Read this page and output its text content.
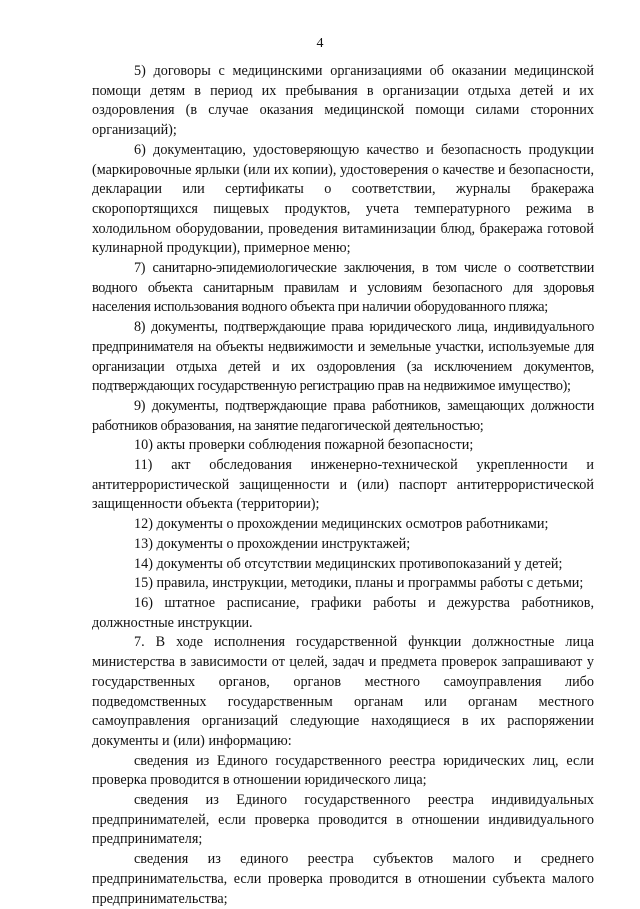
4

5) договоры с медицинскими организациями об оказании медицинской помощи детям в период их пребывания в организации отдыха детей и их оздоровления (в случае оказания медицинской помощи силами сторонних организаций);

6) документацию, удостоверяющую качество и безопасность продукции (маркировочные ярлыки (или их копии), удостоверения о качестве и безопасности, декларации или сертификаты о соответствии, журналы бракеража скоропортящихся пищевых продуктов, учета температурного режима в холодильном оборудовании, проведения витаминизации блюд, бракеража готовой кулинарной продукции), примерное меню;

7) санитарно-эпидемиологические заключения, в том числе о соответствии водного объекта санитарным правилам и условиям безопасного для здоровья населения использования водного объекта при наличии оборудованного пляжа;

8) документы, подтверждающие права юридического лица, индивидуального предпринимателя на объекты недвижимости и земельные участки, используемые для организации отдыха детей и их оздоровления (за исключением документов, подтверждающих государственную регистрацию прав на недвижимое имущество);

9) документы, подтверждающие права работников, замещающих должности работников образования, на занятие педагогической деятельностью;

10) акты проверки соблюдения пожарной безопасности;

11) акт обследования инженерно-технической укрепленности и антитеррористической защищенности и (или) паспорт антитеррористической защищенности объекта (территории);

12) документы о прохождении медицинских осмотров работниками;

13) документы о прохождении инструктажей;

14) документы об отсутствии медицинских противопоказаний у детей;

15) правила, инструкции, методики, планы и программы работы с детьми;

16) штатное расписание, графики работы и дежурства работников, должностные инструкции.

7. В ходе исполнения государственной функции должностные лица министерства в зависимости от целей, задач и предмета проверок запрашивают у государственных органов, органов местного самоуправления либо подведомственных государственным органам или органам местного самоуправления организаций следующие находящиеся в их распоряжении документы и (или) информацию:

сведения из Единого государственного реестра юридических лиц, если проверка проводится в отношении юридического лица;

сведения из Единого государственного реестра индивидуальных предпринимателей, если проверка проводится в отношении индивидуального предпринимателя;

сведения из единого реестра субъектов малого и среднего предпринимательства, если проверка проводится в отношении субъекта малого предпринимательства;
